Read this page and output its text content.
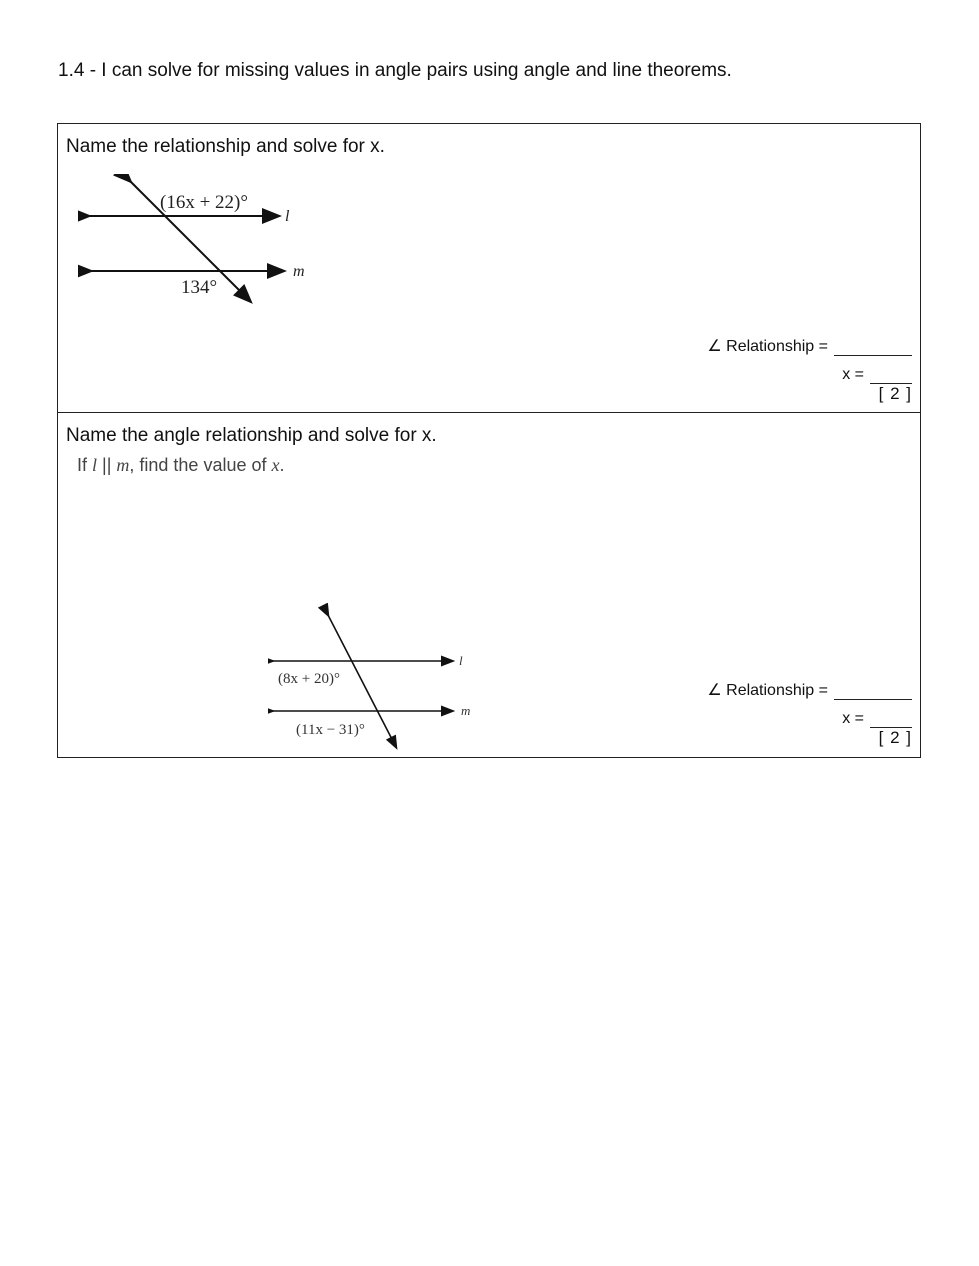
1.4 - I can solve for missing values in angle pairs using angle and line theorems.
Name the relationship and solve for x.
(16x + 22)°
134°
l
m
∠ Relationship =
x =
[ 2 ]
Name the angle relationship and solve for x.
If l || m, find the value of x.
(8x + 20)°
(11x − 31)°
l
m
∠ Relationship =
x =
[ 2 ]
